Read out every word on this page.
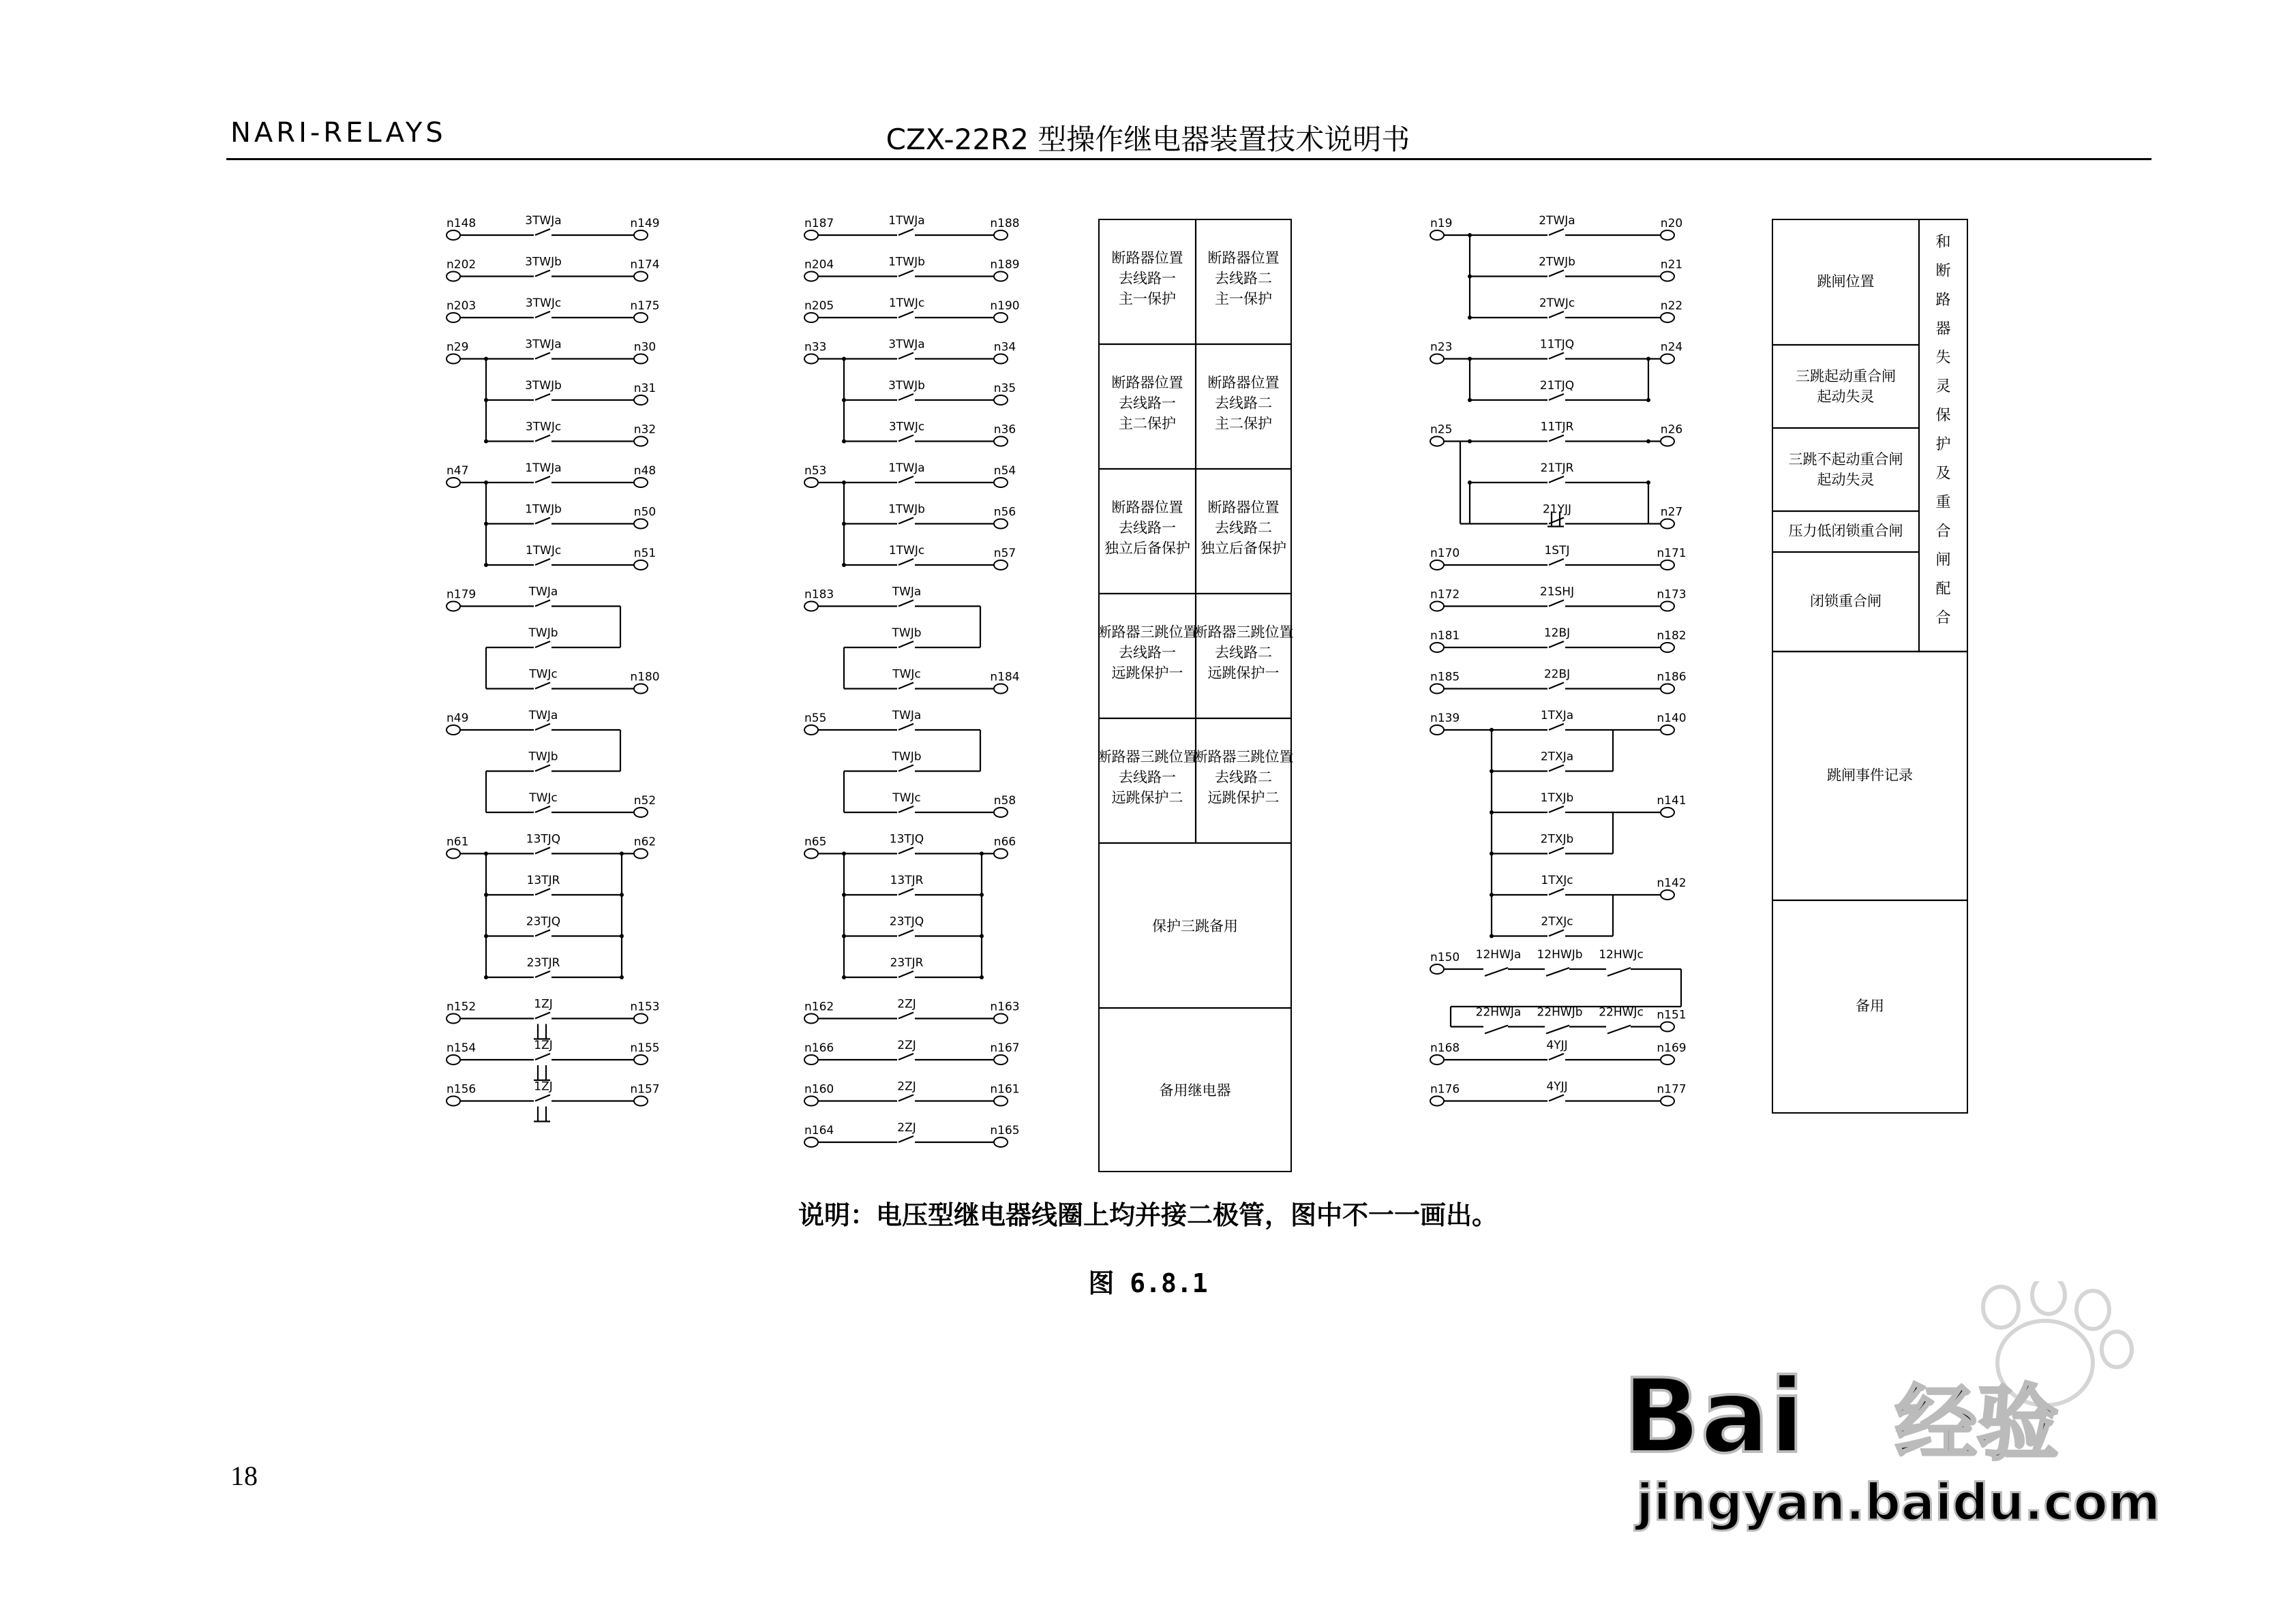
NARI-RELAYS	CZX-22R2 型操作继电器装置技术说明书
n148	n149
3TWJa
n202	n174
3TWJb
n203	n175
3TWJc
n29	3TWJa	n30
3TWJb	n31
3TWJc	n32
n47	1TWJa	n48
1TWJb	n50
1TWJc	n51
n179	TWJa
TWJb
TWJc	n180
n49	TWJa
TWJb
TWJc	n52
n61	n62
13TJQ
13TJR
23TJQ
23TJR
n152	n153
1ZJ
n154	n155
1ZJ
n156	n157
1ZJ
n187	n188
1TWJa
n204	n189
1TWJb
n205	n190
1TWJc
n33	3TWJa	n34
3TWJb	n35
3TWJc	n36
n53	1TWJa	n54
1TWJb	n56
1TWJc	n57
n183	TWJa
TWJb
TWJc	n184
n55	TWJa
TWJb
TWJc	n58
n65	n66
13TJQ
13TJR
23TJQ
23TJR
n162	n163
2ZJ
n166	n167
2ZJ
n160	n161
2ZJ
n164	n165
2ZJ
n19	2TWJa	n20
2TWJb	n21
2TWJc	n22
n23	n24
11TJQ
21TJQ
n25	n26
11TJR
21TJR
21YJJ	n27
n170	n171
1STJ
n172	n173
21SHJ
n181	n182
12BJ
n185	n186
22BJ
n139	1TXJa
2TXJa
n140
1TXJb
2TXJb
n141
1TXJc
2TXJc
n142
n150 12HWJa 12HWJb 12HWJc
22HWJa 22HWJb 22HWJc n151
n168	n169
4YJJ
n176	n177
4YJJ
断路器位置
去线路一
主一保护
断路器位置
去线路二
主一保护
断路器位置
去线路一
主二保护
断路器位置
去线路二
主二保护
断路器位置
去线路一
独立后备保护
断路器位置
去线路二
独立后备保护
断路器三跳位置
去线路一
远跳保护一
断路器三跳位置
去线路二
远跳保护一
断路器三跳位置
去线路一
远跳保护二
断路器三跳位置
去线路二
远跳保护二
保护三跳备用
备用继电器
跳闸位置
三跳起动重合闸
起动失灵
三跳不起动重合闸
起动失灵
压力低闭锁重合闸
闭锁重合闸
跳闸事件记录
备用
和
断
路
器
失
灵
保
护
及
重
合
闸
配
合
说明：电压型继电器线圈上均并接二极管，图中不一一画出。
图 6.8.1
18	Bai 经验
jingyan.baidu.com
